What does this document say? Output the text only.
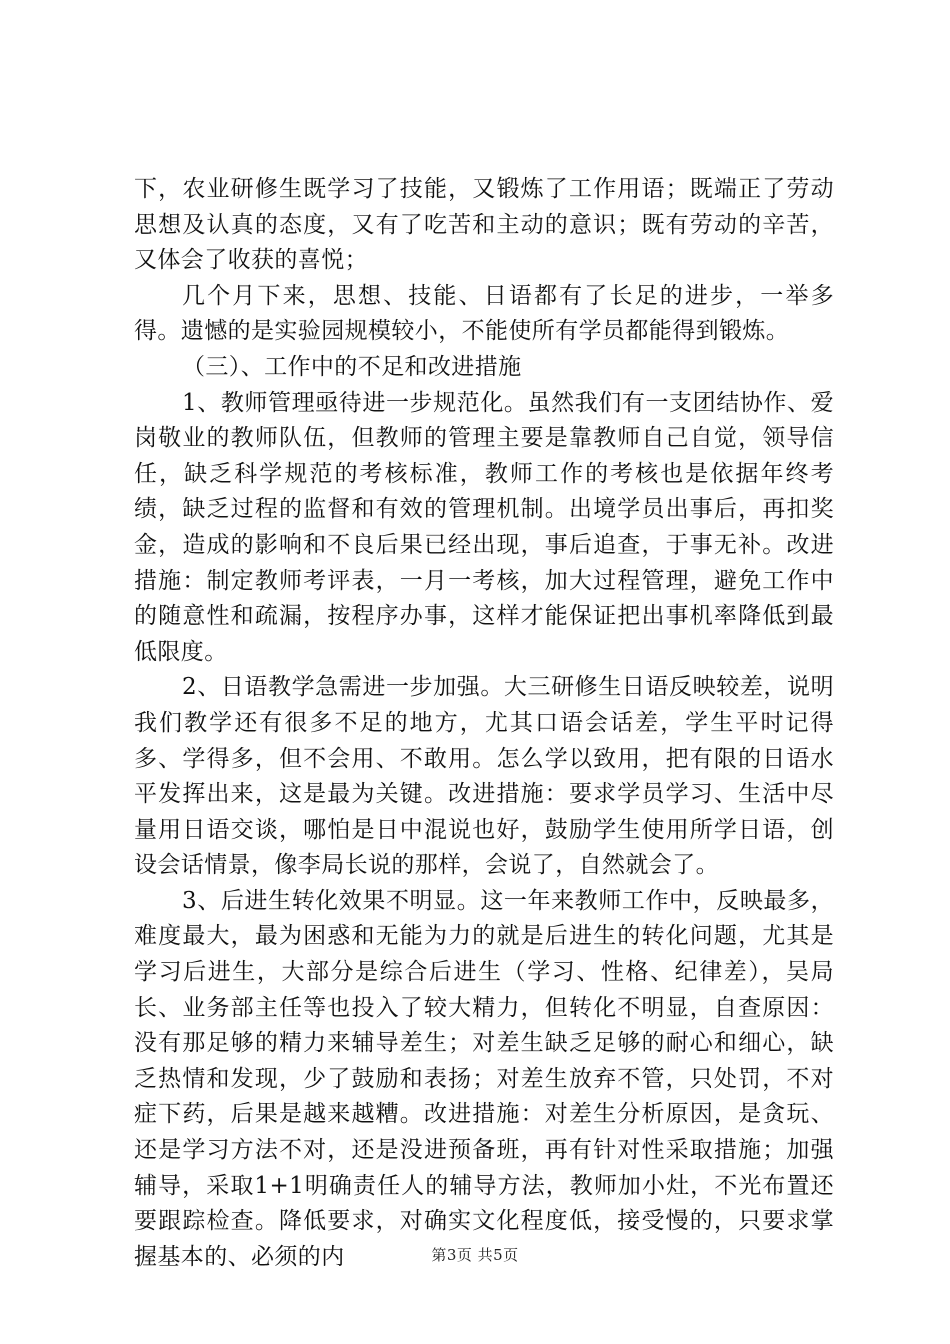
下，农业研修生既学习了技能，又锻炼了工作用语；既端正了劳动思想及认真的态度，又有了吃苦和主动的意识；既有劳动的辛苦，又体会了收获的喜悦；

几个月下来，思想、技能、日语都有了长足的进步，一举多得。遗憾的是实验园规模较小，不能使所有学员都能得到锻炼。

（三）、工作中的不足和改进措施

1、教师管理亟待进一步规范化。虽然我们有一支团结协作、爱岗敬业的教师队伍，但教师的管理主要是靠教师自己自觉，领导信任，缺乏科学规范的考核标准，教师工作的考核也是依据年终考绩，缺乏过程的监督和有效的管理机制。出境学员出事后，再扣奖金，造成的影响和不良后果已经出现，事后追查，于事无补。改进措施：制定教师考评表，一月一考核，加大过程管理，避免工作中的随意性和疏漏，按程序办事，这样才能保证把出事机率降低到最低限度。

2、日语教学急需进一步加强。大三研修生日语反映较差，说明我们教学还有很多不足的地方，尤其口语会话差，学生平时记得多、学得多，但不会用、不敢用。怎么学以致用，把有限的日语水平发挥出来，这是最为关键。改进措施：要求学员学习、生活中尽量用日语交谈，哪怕是日中混说也好，鼓励学生使用所学日语，创设会话情景，像李局长说的那样，会说了，自然就会了。

3、后进生转化效果不明显。这一年来教师工作中，反映最多，难度最大，最为困惑和无能为力的就是后进生的转化问题，尤其是学习后进生，大部分是综合后进生（学习、性格、纪律差），吴局长、业务部主任等也投入了较大精力，但转化不明显，自查原因：没有那足够的精力来辅导差生；对差生缺乏足够的耐心和细心，缺乏热情和发现，少了鼓励和表扬；对差生放弃不管，只处罚，不对症下药，后果是越来越糟。改进措施：对差生分析原因，是贪玩、还是学习方法不对，还是没进预备班，再有针对性采取措施；加强辅导，采取1+1明确责任人的辅导方法，教师加小灶，不光布置还要跟踪检查。降低要求，对确实文化程度低，接受慢的，只要求掌握基本的、必须的内	第3页 共5页
